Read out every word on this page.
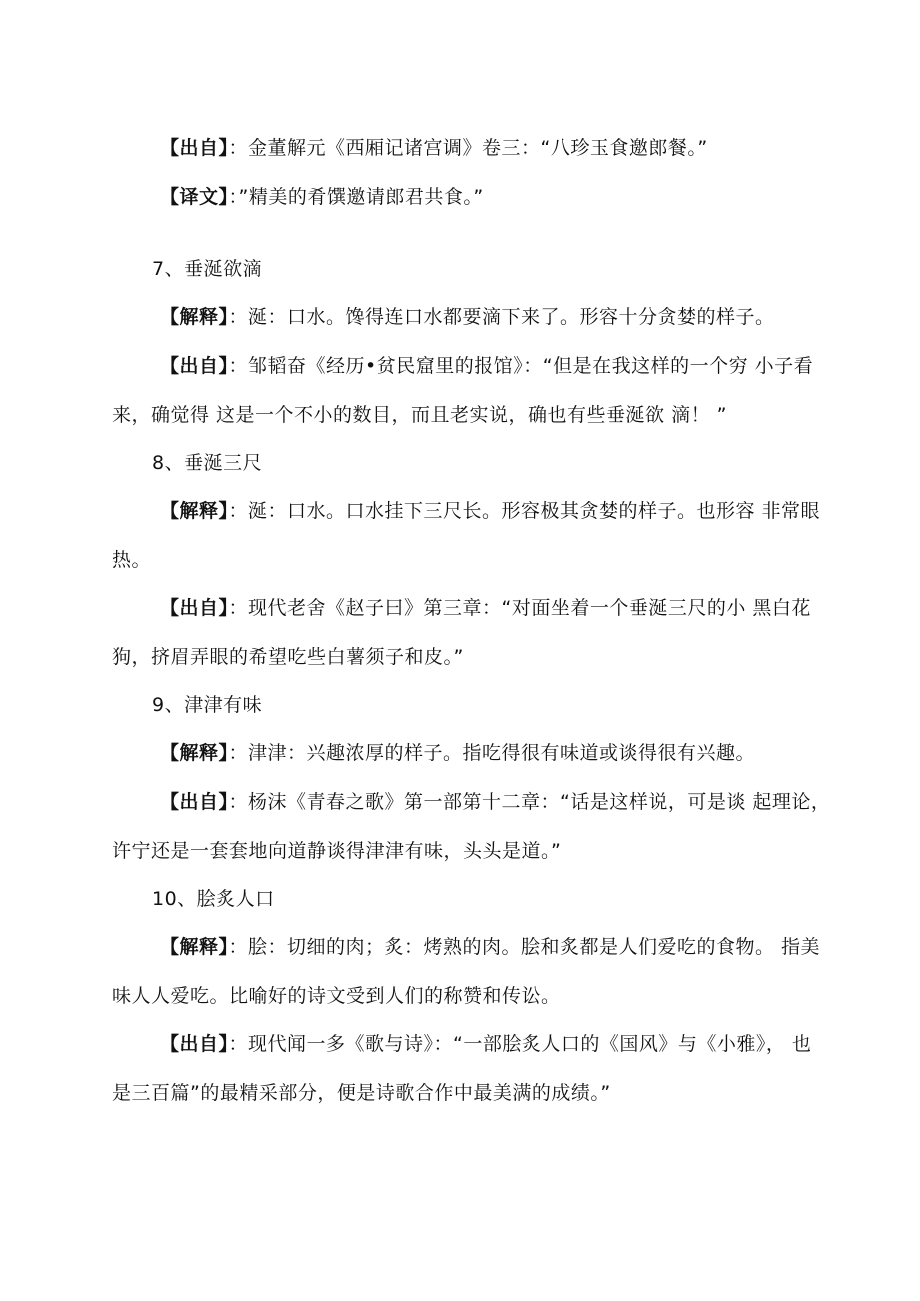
【出自】：金董解元《西厢记诸宫调》卷三：“八珍玉食邀郎餐。”
【译文】：”精美的肴馔邀请郎君共食。”
7、垂涎欲滴
【解释】：涎：口水。馋得连口水都要滴下来了。形容十分贪婪的样子。
【出自】：邹韬奋《经历•贫民窟里的报馆》：“但是在我这样的一个穷 小子看
来，确觉得 这是一个不小的数目，而且老实说，确也有些垂涎欲 滴！ ”
8、垂涎三尺
【解释】：涎：口水。口水挂下三尺长。形容极其贪婪的样子。也形容 非常眼
热。
【出自】：现代老舍《赵子曰》第三章：“对面坐着一个垂涎三尺的小 黑白花
狗，挤眉弄眼的希望吃些白薯须子和皮。”
9、津津有味
【解释】：津津：兴趣浓厚的样子。指吃得很有味道或谈得很有兴趣。
【出自】：杨沫《青春之歌》第一部第十二章：“话是这样说，可是谈 起理论，
许宁还是一套套地向道静谈得津津有味，头头是道。”
10、脍炙人口
【解释】：脍：切细的肉；炙：烤熟的肉。脍和炙都是人们爱吃的食物。 指美
味人人爱吃。比喻好的诗文受到人们的称赞和传讼。
【出自】：现代闻一多《歌与诗》：“一部脍炙人口的《国风》与《小雅》， 也
是三百篇”的最精采部分，便是诗歌合作中最美满的成绩。”
